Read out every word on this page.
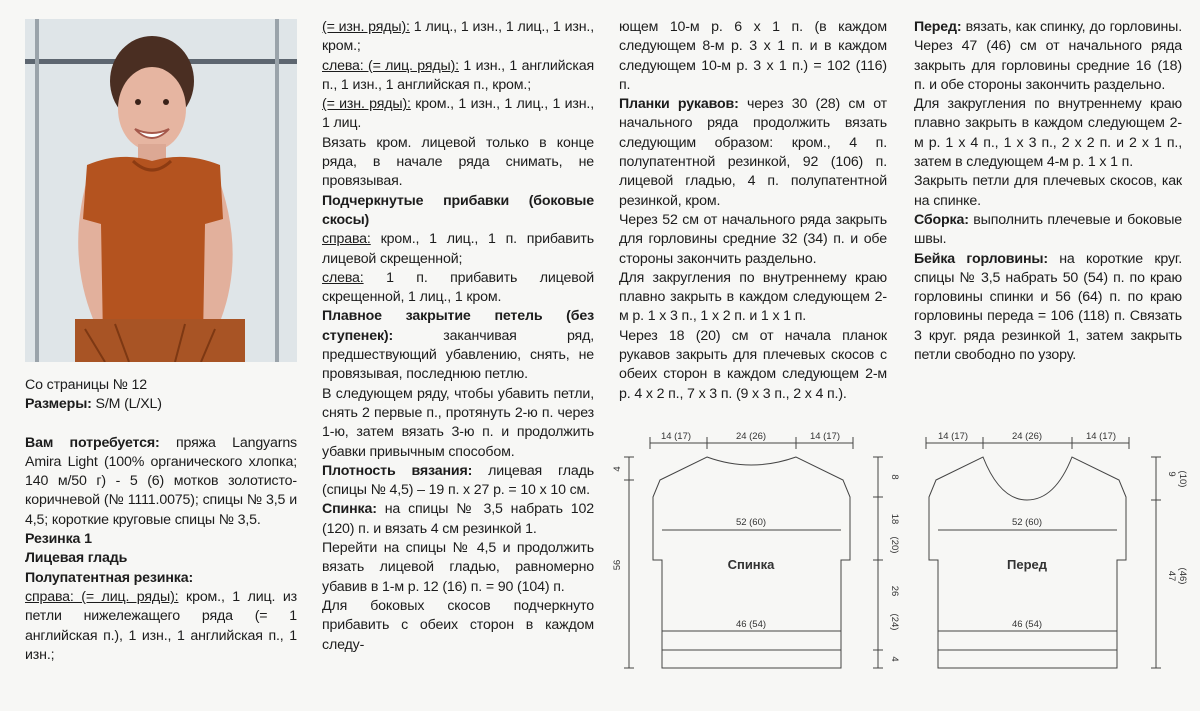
Со страницы № 12

Размеры: S/M (L/XL)

Вам потребуется: пряжа Langyarns Amira Light (100% органического хлопка; 140 м/50 г) - 5 (6) мотков золотисто-коричневой (№ 1111.0075); спицы № 3,5 и 4,5; короткие круговые спицы № 3,5.

Резинка 1

Лицевая гладь

Полупатентная резинка:

справа: (= лиц. ряды): кром., 1 лиц. из петли нижележащего ряда (= 1 английская п.), 1 изн., 1 английская п., 1 изн.;

(= изн. ряды): 1 лиц., 1 изн., 1 лиц., 1 изн., кром.;

слева: (= лиц. ряды): 1 изн., 1 английская п., 1 изн., 1 английская п., кром.;

(= изн. ряды): кром., 1 изн., 1 лиц., 1 изн., 1 лиц.

Вязать кром. лицевой только в конце ряда, в начале ряда снимать, не провязывая.

Подчеркнутые прибавки (боковые скосы)

справа: кром., 1 лиц., 1 п. прибавить лицевой скрещенной;

слева: 1 п. прибавить лицевой скрещенной, 1 лиц., 1 кром.

Плавное закрытие петель (без ступенек): заканчивая ряд, предшествующий убавлению, снять, не провязывая, последнюю петлю.

В следующем ряду, чтобы убавить петли, снять 2 первые п., протянуть 2-ю п. через 1-ю, затем вязать 3-ю п. и продолжить убавки привычным способом.

Плотность вязания: лицевая гладь (спицы № 4,5) – 19 п. х 27 р. = 10 х 10 см.

Спинка: на спицы № 3,5 набрать 102 (120) п. и вязать 4 см резинкой 1.

Перейти на спицы № 4,5 и продолжить вязать лицевой гладью, равномерно убавив в 1-м р. 12 (16) п. = 90 (104) п.

Для боковых скосов подчеркнуто прибавить с обеих сторон в каждом следу-

ющем 10-м р. 6 х 1 п. (в каждом следующем 8-м р. 3 х 1 п. и в каждом следующем 10-м р. 3 х 1 п.) = 102 (116) п.

Планки рукавов: через 30 (28) см от начального ряда продолжить вязать следующим образом: кром., 4 п. полупатентной резинкой, 92 (106) п. лицевой гладью, 4 п. полупатентной резинкой, кром.

Через 52 см от начального ряда закрыть для горловины средние 32 (34) п. и обе стороны закончить раздельно.

Для закругления по внутреннему краю плавно закрыть в каждом следующем 2-м р. 1 х 3 п., 1 х 2 п. и 1 х 1 п.

Через 18 (20) см от начала планок рукавов закрыть для плечевых скосов с обеих сторон в каждом следующем 2-м р. 4 х 2 п., 7 х 3 п. (9 х 3 п., 2 х 4 п.).

Перед: вязать, как спинку, до горловины. Через 47 (46) см от начального ряда закрыть для горловины средние 16 (18) п. и обе стороны закончить раздельно.

Для закругления по внутреннему краю плавно закрыть в каждом следующем 2-м р. 1 х 4 п., 1 х 3 п., 2 х 2 п. и 2 х 1 п., затем в следующем 4-м р. 1 х 1 п.

Закрыть петли для плечевых скосов, как на спинке.

Сборка: выполнить плечевые и боковые швы.

Бейка горловины: на короткие круг. спицы № 3,5 набрать 50 (54) п. по краю горловины спинки и 56 (64) п. по краю горловины переда = 106 (118) п. Связать 3 круг. ряда резинкой 1, затем закрыть петли свободно по узору.

14 (17)	24 (26)	14 (17)
52 (60)
46 (54)
Спинка
4
56
8
18
(20)
26
(24)
4
14 (17)	24 (26)	14 (17)
52 (60)
46 (54)
Перед
9 (10)
47 (46)
